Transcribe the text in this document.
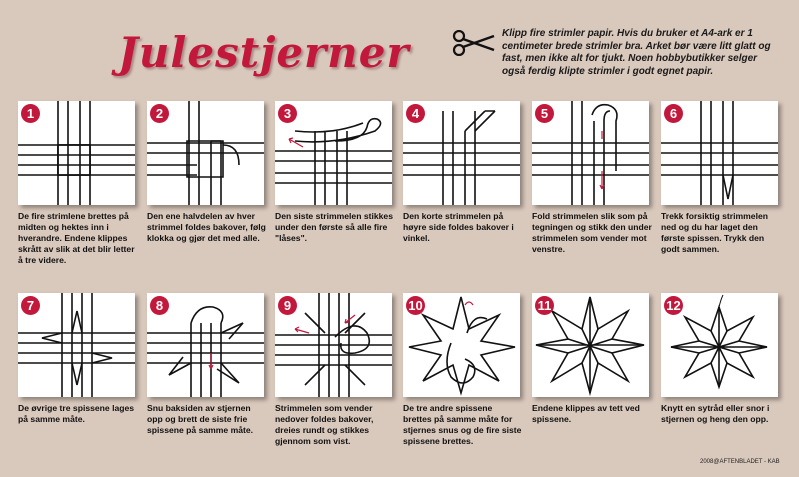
Julestjerner	Klipp fire strimler papir. Hvis du bruker et A4-ark er 1 centimeter brede strimler bra. Arket bør være litt glatt og fast, men ikke alt for tjukt. Noen hobbybutikker selger også ferdig klipte strimler i godt egnet papir.
1
De fire strimlene brettes på midten og hektes inn i hverandre. Endene klippes skrått av slik at det blir letter å tre videre.
2
Den ene halvdelen av hver strimmel foldes bakover, følg klokka og gjør det med alle.
3
Den siste strimmelen stikkes under den første så alle fire "låses".
4
Den korte strimmelen på høyre side foldes bakover i vinkel.
5
Fold strimmelen slik som på tegningen og stikk den under strimmelen som vender mot venstre.
6
Trekk forsiktig strimmelen ned og du har laget den første spissen. Trykk den godt sammen.
7
De øvrige tre spissene lages på samme måte.
8
Snu baksiden av stjernen opp og brett de siste frie spissene på samme måte.
9
Strimmelen som vender nedover foldes bakover, dreies rundt og stikkes gjennom som vist.
10
De tre andre spissene brettes på samme måte for stjernes snus og de fire siste spissene brettes.
11
Endene klippes av tett ved spissene.
12
Knytt en sytråd eller snor i stjernen og heng den opp.
2008@AFTENBLADET - KAB
